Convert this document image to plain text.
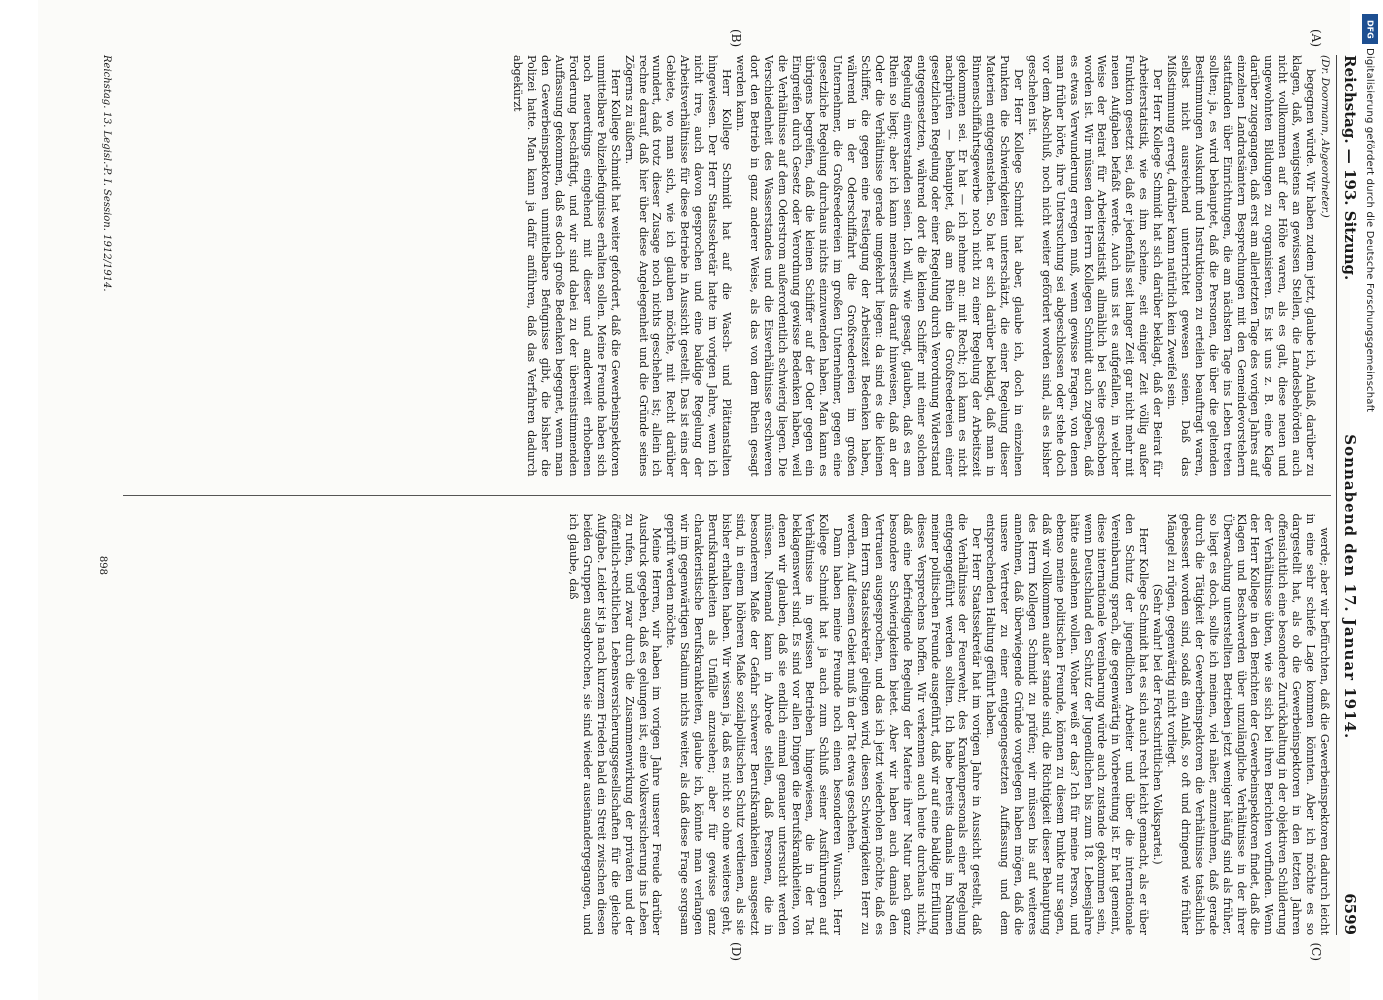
Reichstag. — 193. Sitzung.
Sonnabend den 17. Januar 1914.
6599
(A)
(B)
(C)
(D)

(Dr. Doormann, Abgeordneter.)

begegnen würde. Wir haben zudem jetzt, glaube ich, Anlaß, darüber zu klagen, daß, wenigstens an gewissen Stellen, die Landesbehörden auch nicht vollkommen auf der Höhe waren, als es galt, diese neuen und ungewohnten Bildungen zu organisieren. Es ist uns z. B. eine Klage darüber zugegangen, daß erst am allerletzten Tage des vorigen Jahres auf einzelnen Landratsämtern Besprechungen mit den Gemeindevorstehern stattfanden über Einrichtungen, die am nächsten Tage ins Leben treten sollten; ja, es wird behauptet, daß die Personen, die über die geltenden Bestimmungen Auskunft und Instruktionen zu erteilen beauftragt waren, selbst nicht ausreichend unterrichtet gewesen seien. Daß das Mißstimmung erregt, darüber kann natürlich kein Zweifel sein.

Der Herr Kollege Schmidt hat sich darüber beklagt, daß der Beirat für Arbeiterstatistik, wie es ihm scheine, seit einiger Zeit völlig außer Funktion gesetzt sei, daß er jedenfalls seit langer Zeit gar nicht mehr mit neuen Aufgaben befaßt werde. Auch uns ist es aufgefallen, in welcher Weise der Beirat für Arbeiterstatistik allmählich bei Seite geschoben worden ist. Wir müssen dem Herrn Kollegen Schmidt auch zugeben, daß es etwas Verwunderung erregen muß, wenn gewisse Fragen, von denen man früher hörte, ihre Untersuchung sei abgeschlossen oder stehe doch vor dem Abschluß, noch nicht weiter gefördert worden sind, als es bisher geschehen ist.

Der Herr Kollege Schmidt hat aber, glaube ich, doch in einzelnen Punkten die Schwierigkeiten unterschätzt, die einer Regelung dieser Materien entgegenstehen. So hat er sich darüber beklagt, daß man in Binnenschiffahrtsgewerbe noch nicht zu einer Regelung der Arbeitszeit gekommen sei. Er hat — ich nehme an: mit Recht; ich kann es nicht nachprüfen — behauptet, daß am Rhein die Großreedereien einer gesetzlichen Regelung oder einer Regelung durch Verordnung Widerstand entgegensetzten, während dort die kleinen Schiffer mit einer solchen Regelung einverstanden seien. Ich will, wie gesagt, glauben, daß es am Rhein so liegt; aber ich kann meinerseits darauf hinweisen, daß an der Oder die Verhältnisse gerade umgekehrt liegen: da sind es die kleinen Schiffer, die gegen eine Festlegung der Arbeitszeit Bedenken haben, während in der Oderschiffahrt die Großreedereien im großen Unternehmer, die Großreedereien im großen Unternehmer, gegen eine gesetzliche Regelung durchaus nichts einzuwenden haben. Man kann es übrigens begreifen, daß die kleinen Schiffer auf der Oder gegen ein Eingreifen durch Gesetz oder Verordnung gewisse Bedenken haben, weil die Verhältnisse auf dem Oderstrom außerordentlich schwierig liegen. Die Verschiedenheit des Wasserstandes und die Eisverhältnisse erschweren dort den Betrieb in ganz anderer Weise, als das von dem Rhein gesagt werden kann.

Herr Kollege Schmidt hat auf die Wasch- und Plättanstalten hingewiesen. Der Herr Staatssekretär hatte im vorigen Jahre, wenn ich nicht irre, auch davon gesprochen und eine baldige Regelung der Arbeitsverhältnisse für diese Betriebe in Aussicht gestellt. Das ist eins der Gebiete, wo man sich, wie ich glauben möchte, mit Recht darüber wundert, daß trotz dieser Zusage noch nichts geschehen ist; allein ich rechne darauf, daß hier über diese Angelegenheit und die Gründe seines Zögerns zu äußern.

Herr Kollege Schmidt hat weiter gefordert, daß die Gewerbeinspektoren unmittelbare Polizeibefugnisse erhalten sollen. Meine Freunde haben sich noch neuerdings eingehend mit dieser und anderweit erhobenen Forderung beschäftigt, und wir sind dabei zu der übereinstimmenden Auffassung gekommen, daß es doch große Bedenken begegnet, wenn man den Gewerbeinspektoren unmittelbare Befugnisse gibt, die bisher die Polizei hatte. Man kann ja dafür anführen, daß das Verfahren dadurch abgekürzt

werde; aber wir befürchten, daß die Gewerbeinspektoren dadurch leicht in eine sehr schiefe Lage kommen könnten. Aber ich möchte es so dargestellt hat, als ob die Gewerbeinspektoren in den letzten Jahren offensichtlich eine besondere Zurückhaltung in der objektiven Schilderung der Verhältnisse übten, wie sie sich bei ihren Berichten vorfinden. Wenn der Herr Kollege in den Berichten der Gewerbeinspektoren findet, daß die Klagen und Beschwerden über unzulängliche Verhältnisse in der ihrer Überwachung unterstellten Betrieben jetzt weniger häufig sind als früher, so liegt es doch, sollte ich meinen, viel näher, anzunehmen, daß gerade durch die Tätigkeit der Gewerbeinspektoren die Verhältnisse tatsächlich gebessert worden sind, sodaß ein Anlaß, so oft und dringend wie früher Mängel zu rügen, gegenwärtig nicht vorliegt.

(Sehr wahr! bei der Fortschrittlichen Volkspartei.)

Herr Kollege Schmidt hat es sich auch recht leicht gemacht, als er über den Schutz der jugendlichen Arbeiter und über die internationale Vereinbarung sprach, die gegenwärtig in Vorbereitung ist. Er hat gemeint, diese internationale Vereinbarung würde auch zustande gekommen sein, wenn Deutschland den Schutz der Jugendlichen bis zum 18. Lebensjahre hätte ausdehnen wollen. Woher weiß er das? Ich für meine Person, und ebenso meine politischen Freunde, können zu diesem Punkte nur sagen, daß wir vollkommen außer stande sind, die Richtigkeit dieser Behauptung des Herrn Kollegen Schmidt zu prüfen; wir müssen bis auf weiteres annehmen, daß überwiegende Gründe vorgelegen haben mögen, daß die unsere Vertreter zu einer entgegengesetzten Auffassung und dem entsprechenden Haltung geführt haben.

Der Herr Staatssekretär hat im vorigen Jahre in Aussicht gestellt, daß die Verhältnisse der Feuerwehr, des Krankenpersonals einer Regelung entgegengeführt werden sollten. Ich habe bereits damals im Namen meiner politischen Freunde ausgeführt, daß wir auf eine baldige Erfüllung dieses Versprechens hoffen. Wir verkennen auch heute durchaus nicht, daß eine befriedigende Regelung der Materie ihrer Natur nach ganz besondere Schwierigkeiten bietet. Aber wir haben auch damals den Vertrauen ausgesprochen, und das ich jetzt wiederholen möchte, daß es dem Herrn Staatssekretär gelingen wird, diesen Schwierigkeiten Herr zu werden. Auf diesem Gebiet muß in der Tat etwas geschehen.

Dann haben meine Freunde noch einen besonderen Wunsch. Herr Kollege Schmidt hat ja auch zum Schluß seiner Ausführungen auf Verhältnisse in gewissen Betrieben hingewiesen, die in der Tat beklagenswert sind. Es sind vor allen Dingen die Berufskrankheiten, von denen wir glauben, daß sie endlich einmal genauer untersucht werden müssen. Niemand kann in Abrede stellen, daß Personen, die in besonderem Maße der Gefahr schwerer Berufskrankheiten ausgesetzt sind, in einem höheren Maße sozialpolitischen Schutz verdienen, als sie bisher erhalten haben. Wir wissen ja, daß es nicht so ohne weiteres geht, Berufskrankheiten als Unfälle anzusehen; aber für gewisse ganz charakteristische Berufskrankheiten, glaube ich, könnte man verlangen wir im gegenwärtigen Stadium nichts weiter, als daß diese Frage sorgsam geprüft werden möchte.

Meine Herren, wir haben im vorigen Jahre unserer Freude darüber Ausdruck gegeben, daß es gelungen ist, eine Volksversicherung ins Leben zu rufen, und zwar durch die Zusammenwirkung der privaten und der öffentlich-rechtlichen Lebensversicherungsgesellschaften für die gleiche Aufgabe. Leider ist ja nach kurzem Frieden bald ein Streit zwischen diesen beiden Gruppen ausgebrochen, sie sind wieder auseinandergegangen, und ich glaube, daß

Reichstag. 13. Legisl.-P. I. Session. 1912/1914.
898
DFG
Digitalisierung gefördert durch die Deutsche Forschungsgemeinschaft
